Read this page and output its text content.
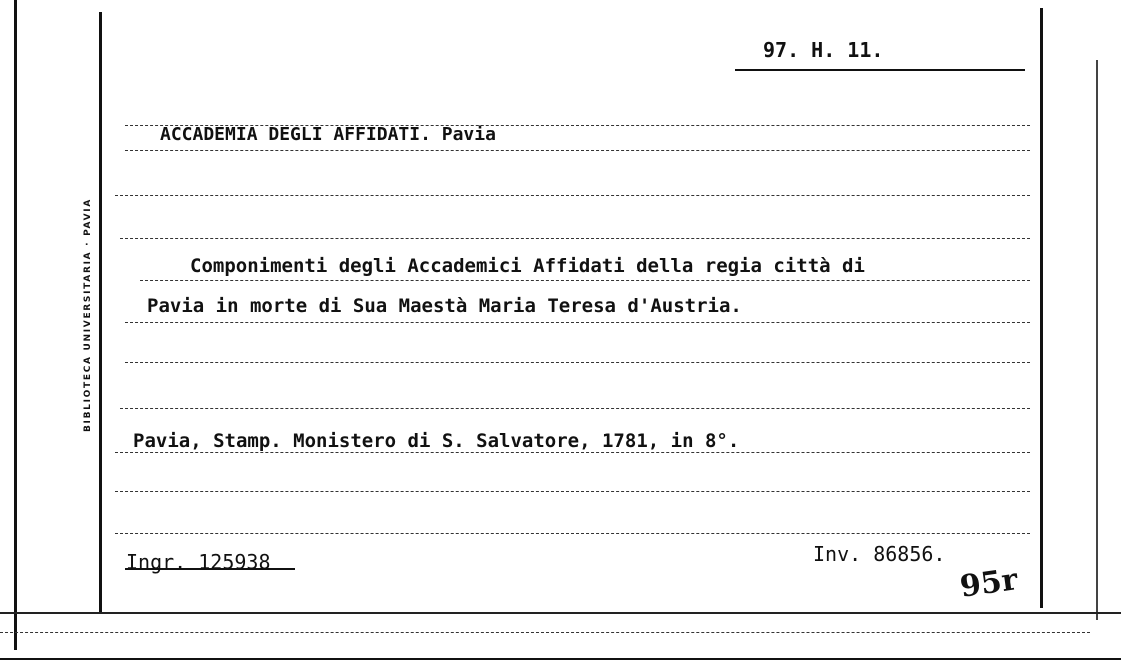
BIBLIOTECA UNIVERSITARIA · PAVIA
97. H. 11.
ACCADEMIA DEGLI AFFIDATI. Pavia
Componimenti degli Accademici Affidati della regia città di
Pavia in morte di Sua Maestà Maria Teresa d'Austria.
Pavia, Stamp. Monistero di S. Salvatore, 1781, in 8°.
Ingr. 125938	Inv. 86856.
95r
